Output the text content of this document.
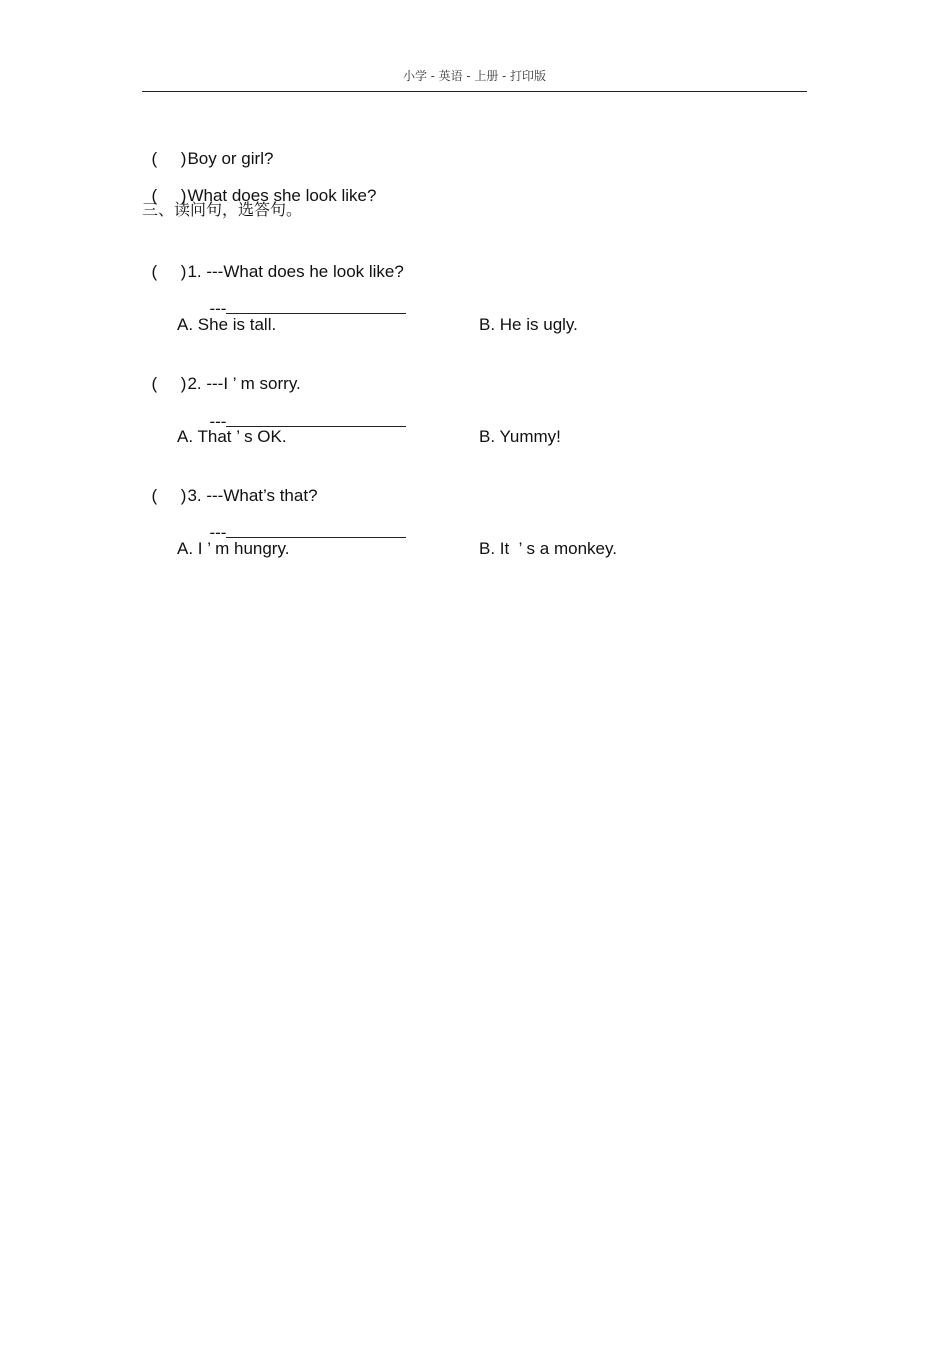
小学 - 英语 - 上册 - 打印版

(     )Boy or girl?

(     )What does she look like?

三、读问句，选答句。

(     )1. ---What does he look like?

---

A. She is tall.	B. He is ugly.

(     )2. ---I ’ m sorry.

---

A. That ’ s OK.	B. Yummy!

(     )3. ---What’s that?

---

A. I ’ m hungry.	B. It  ’ s a monkey.
